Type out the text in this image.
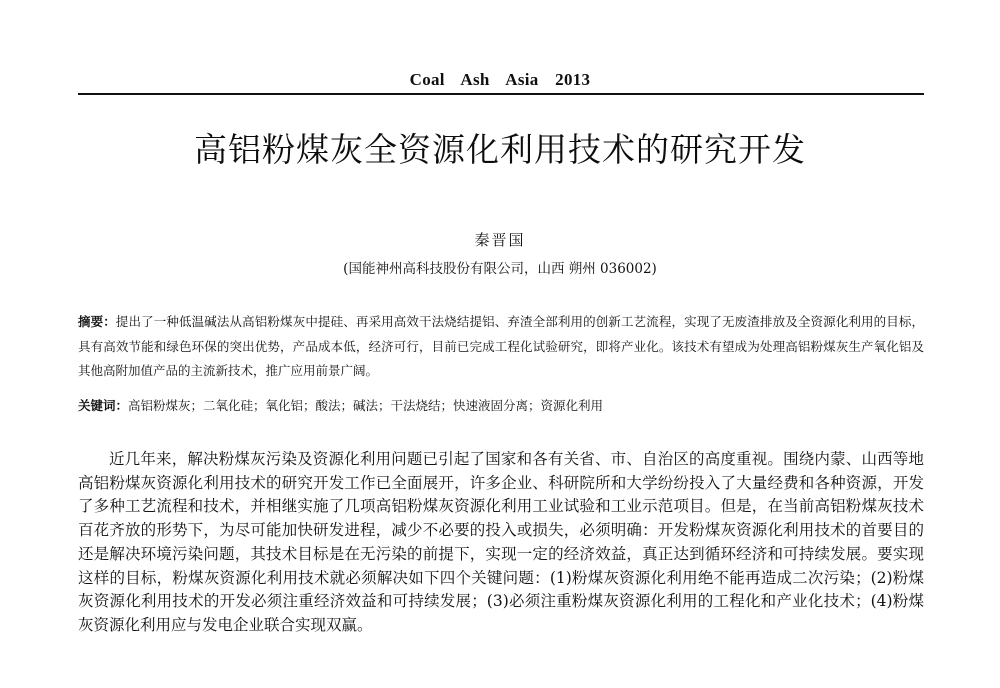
Coal Ash Asia 2013
高铝粉煤灰全资源化利用技术的研究开发
秦晋国
(国能神州高科技股份有限公司，山西 朔州 036002)
摘要：提出了一种低温碱法从高铝粉煤灰中提硅、再采用高效干法烧结提铝、弃渣全部利用的创新工艺流程，实现了无废渣排放及全资源化利用的目标，具有高效节能和绿色环保的突出优势，产品成本低，经济可行，目前已完成工程化试验研究，即将产业化。该技术有望成为处理高铝粉煤灰生产氧化铝及其他高附加值产品的主流新技术，推广应用前景广阔。
关键词：高铝粉煤灰；二氧化硅；氧化铝；酸法；碱法；干法烧结；快速液固分离；资源化利用

近几年来，解决粉煤灰污染及资源化利用问题已引起了国家和各有关省、市、自治区的高度重视。围绕内蒙、山西等地高铝粉煤灰资源化利用技术的研究开发工作已全面展开，许多企业、科研院所和大学纷纷投入了大量经费和各种资源，开发了多种工艺流程和技术，并相继实施了几项高铝粉煤灰资源化利用工业试验和工业示范项目。但是，在当前高铝粉煤灰技术百花齐放的形势下，为尽可能加快研发进程，减少不必要的投入或损失，必须明确：开发粉煤灰资源化利用技术的首要目的还是解决环境污染问题，其技术目标是在无污染的前提下，实现一定的经济效益，真正达到循环经济和可持续发展。要实现这样的目标，粉煤灰资源化利用技术就必须解决如下四个关键问题：(1)粉煤灰资源化利用绝不能再造成二次污染；(2)粉煤灰资源化利用技术的开发必须注重经济效益和可持续发展；(3)必须注重粉煤灰资源化利用的工程化和产业化技术；(4)粉煤灰资源化利用应与发电企业联合实现双赢。
